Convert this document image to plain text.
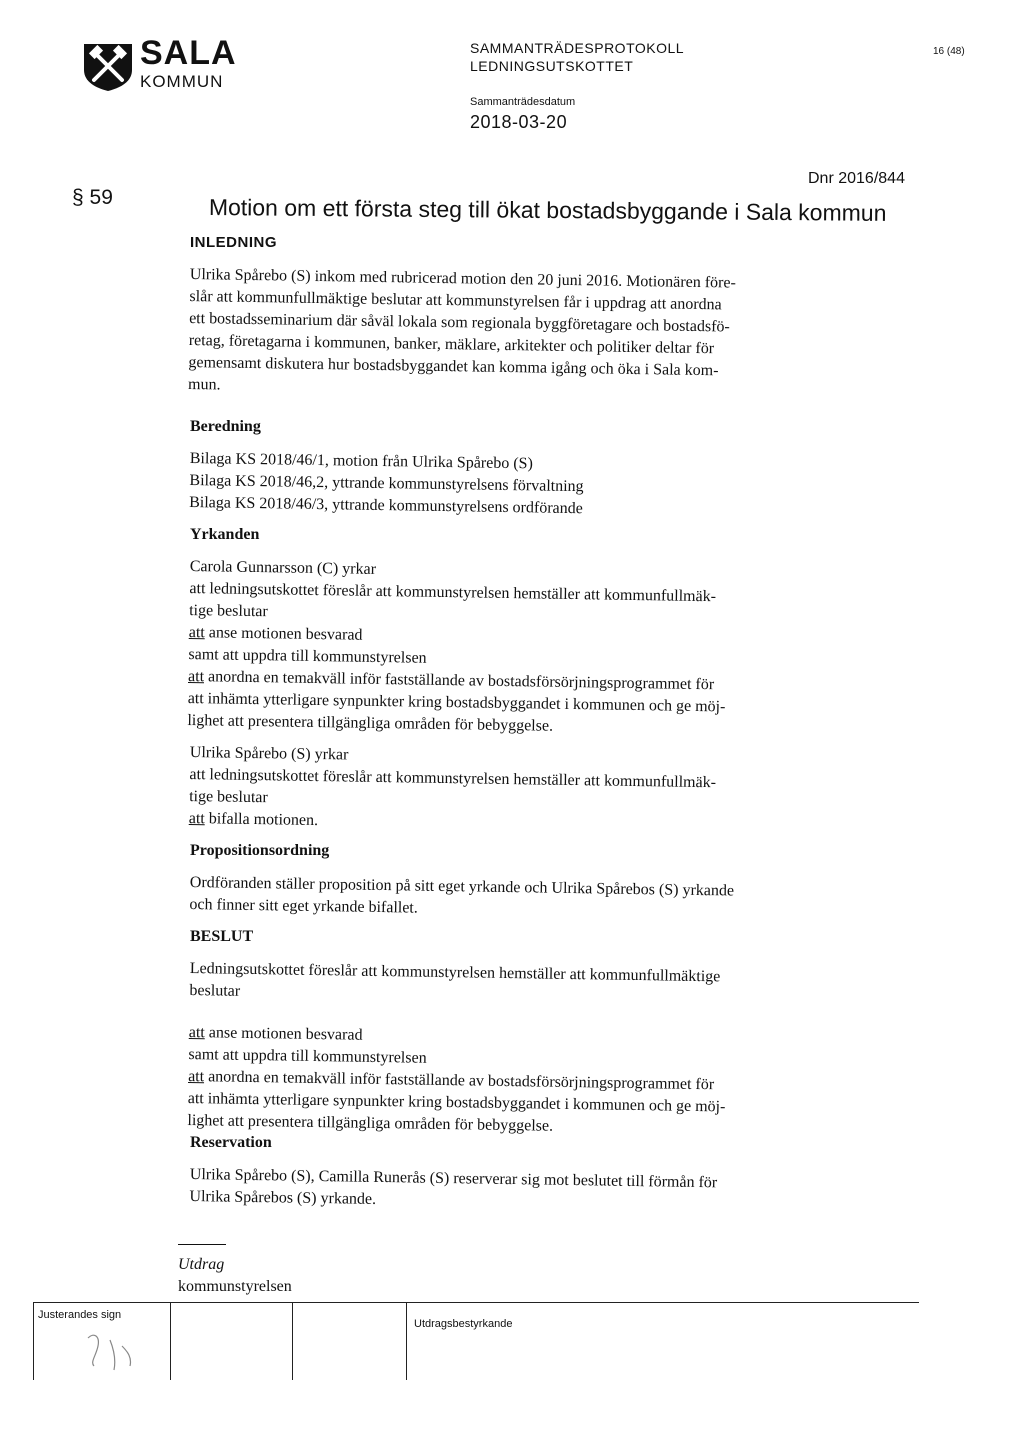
SALA
KOMMUN
SAMMANTRÄDESPROTOKOLL
LEDNINGSUTSKOTTET
16 (48)
Sammanträdesdatum
2018-03-20
§ 59
Dnr 2016/844
Motion om ett första steg till ökat bostadsbyggande i Sala kommun

INLEDNING

Ulrika Spårebo (S) inkom med rubricerad motion den 20 juni 2016. Motionären före-

slår att kommunfullmäktige beslutar att kommunstyrelsen får i uppdrag att anordna

ett bostadsseminarium där såväl lokala som regionala byggföretagare och bostadsfö-

retag, företagarna i kommunen, banker, mäklare, arkitekter och politiker deltar för

gemensamt diskutera hur bostadsbyggandet kan komma igång och öka i Sala kom-

mun.

Beredning

Bilaga KS 2018/46/1, motion från Ulrika Spårebo (S)

Bilaga KS 2018/46,2, yttrande kommunstyrelsens förvaltning

Bilaga KS 2018/46/3, yttrande kommunstyrelsens ordförande

Yrkanden

Carola Gunnarsson (C) yrkar

att ledningsutskottet föreslår att kommunstyrelsen hemställer att kommunfullmäk-

tige beslutar

att anse motionen besvarad

samt att uppdra till kommunstyrelsen

att anordna en temakväll inför fastställande av bostadsförsörjningsprogrammet för

att inhämta ytterligare synpunkter kring bostadsbyggandet i kommunen och ge möj-

lighet att presentera tillgängliga områden för bebyggelse.

Ulrika Spårebo (S) yrkar

att ledningsutskottet föreslår att kommunstyrelsen hemställer att kommunfullmäk-

tige beslutar

att bifalla motionen.

Propositionsordning

Ordföranden ställer proposition på sitt eget yrkande och Ulrika Spårebos (S) yrkande

och finner sitt eget yrkande bifallet.

BESLUT

Ledningsutskottet föreslår att kommunstyrelsen hemställer att kommunfullmäktige

beslutar

att anse motionen besvarad

samt att uppdra till kommunstyrelsen

att anordna en temakväll inför fastställande av bostadsförsörjningsprogrammet för

att inhämta ytterligare synpunkter kring bostadsbyggandet i kommunen och ge möj-

lighet att presentera tillgängliga områden för bebyggelse.

Reservation

Ulrika Spårebo (S), Camilla Runerås (S) reserverar sig mot beslutet till förmån för

Ulrika Spårebos (S) yrkande.

Utdrag
kommunstyrelsen
Justerandes sign
Utdragsbestyrkande
